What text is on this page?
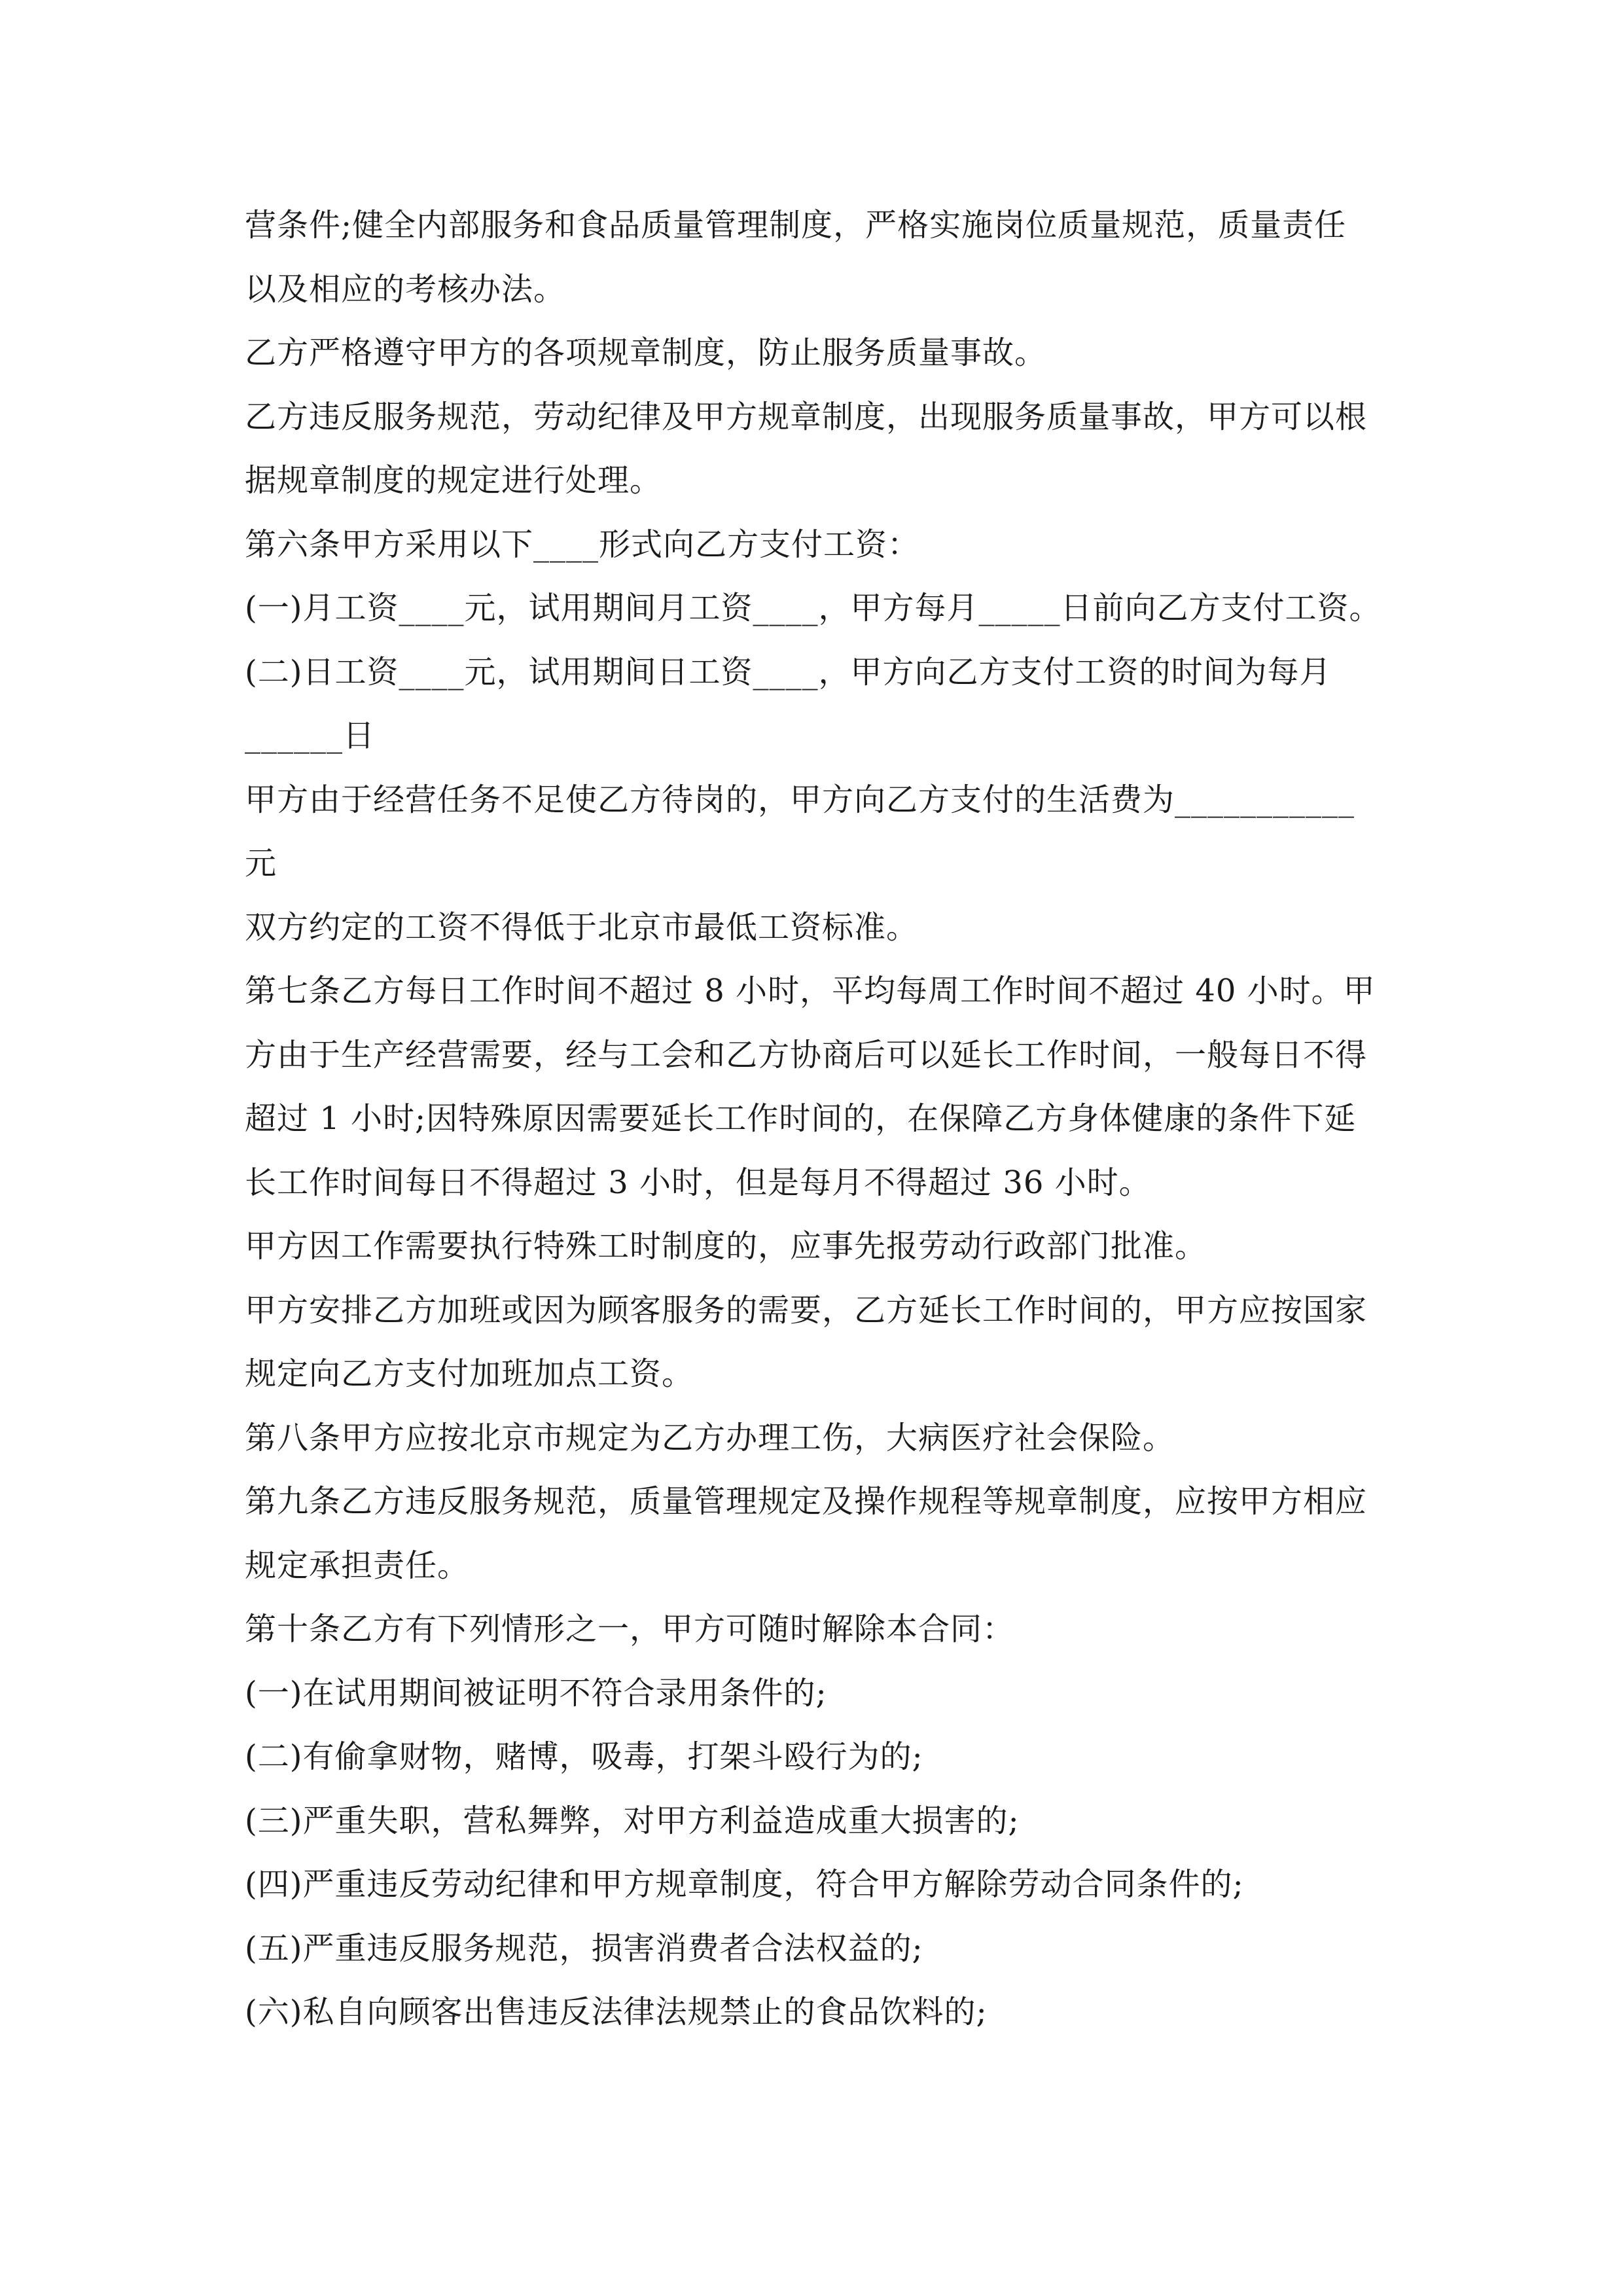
营条件;健全内部服务和食品质量管理制度，严格实施岗位质量规范，质量责任
以及相应的考核办法。
乙方严格遵守甲方的各项规章制度，防止服务质量事故。
乙方违反服务规范，劳动纪律及甲方规章制度，出现服务质量事故，甲方可以根
据规章制度的规定进行处理。
第六条甲方采用以下____形式向乙方支付工资：
(一)月工资____元，试用期间月工资____，甲方每月_____日前向乙方支付工资。
(二)日工资____元，试用期间日工资____，甲方向乙方支付工资的时间为每月
______日
甲方由于经营任务不足使乙方待岗的，甲方向乙方支付的生活费为___________
元
双方约定的工资不得低于北京市最低工资标准。
第七条乙方每日工作时间不超过 8 小时，平均每周工作时间不超过 40 小时。甲
方由于生产经营需要，经与工会和乙方协商后可以延长工作时间，一般每日不得
超过 1 小时;因特殊原因需要延长工作时间的，在保障乙方身体健康的条件下延
长工作时间每日不得超过 3 小时，但是每月不得超过 36 小时。
甲方因工作需要执行特殊工时制度的，应事先报劳动行政部门批准。
甲方安排乙方加班或因为顾客服务的需要，乙方延长工作时间的，甲方应按国家
规定向乙方支付加班加点工资。
第八条甲方应按北京市规定为乙方办理工伤，大病医疗社会保险。
第九条乙方违反服务规范，质量管理规定及操作规程等规章制度，应按甲方相应
规定承担责任。
第十条乙方有下列情形之一，甲方可随时解除本合同：
(一)在试用期间被证明不符合录用条件的;
(二)有偷拿财物，赌博，吸毒，打架斗殴行为的;
(三)严重失职，营私舞弊，对甲方利益造成重大损害的;
(四)严重违反劳动纪律和甲方规章制度，符合甲方解除劳动合同条件的;
(五)严重违反服务规范，损害消费者合法权益的;
(六)私自向顾客出售违反法律法规禁止的食品饮料的;
